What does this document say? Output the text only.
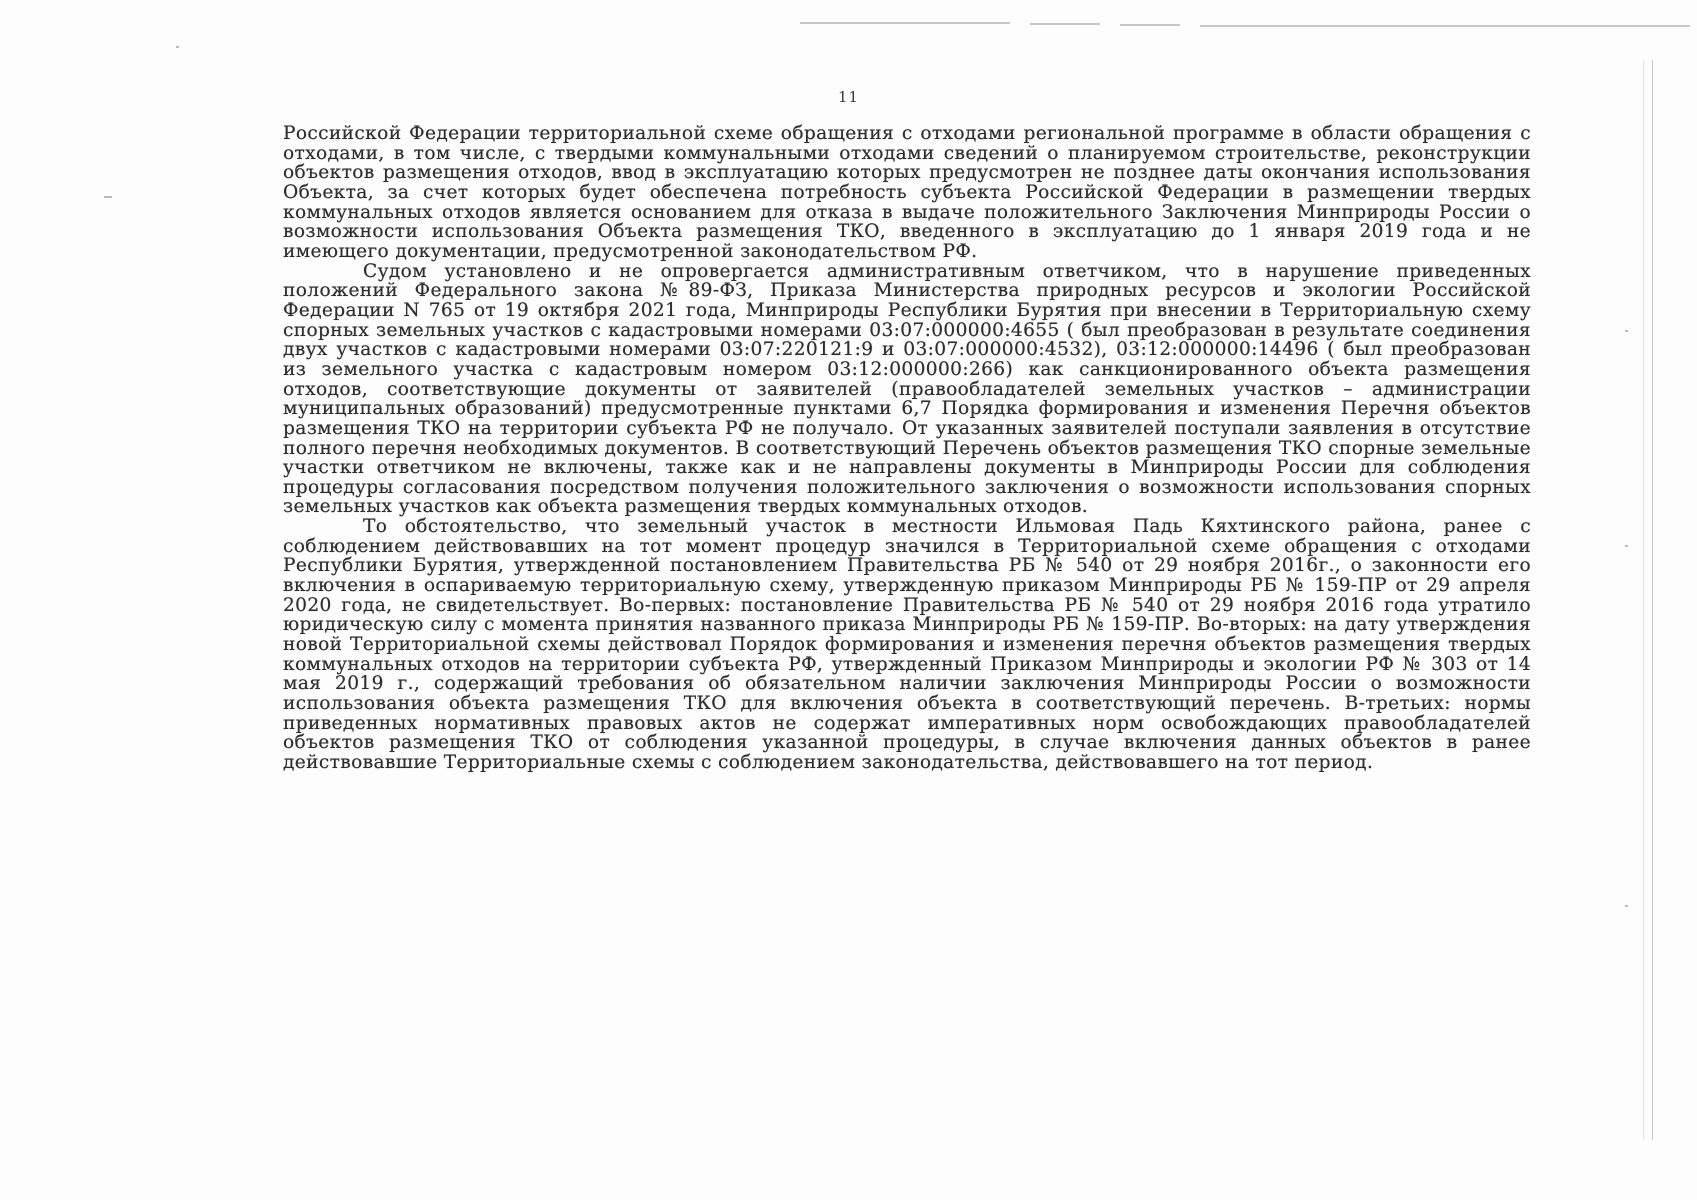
11

Российской Федерации территориальной схеме обращения с отходами региональной программе в области обращения с отходами, в том числе, с твердыми коммунальными отходами сведений о планируемом строительстве, реконструкции объектов размещения отходов, ввод в эксплуатацию которых предусмотрен не позднее даты окончания использования Объекта, за счет которых будет обеспечена потребность субъекта Российской Федерации в размещении твердых коммунальных отходов является основанием для отказа в выдаче положительного Заключения Минприроды России о возможности использования Объекта размещения ТКО, введенного в эксплуатацию до 1 января 2019 года и не имеющего документации, предусмотренной законодательством РФ.

Судом установлено и не опровергается административным ответчиком, что в нарушение приведенных положений Федерального закона №89-ФЗ, Приказа Министерства природных ресурсов и экологии Российской Федерации N 765 от 19 октября 2021 года, Минприроды Республики Бурятия при внесении в Территориальную схему спорных земельных участков с кадастровыми номерами 03:07:000000:4655 ( был преобразован в результате соединения двух участков с кадастровыми номерами 03:07:220121:9 и 03:07:000000:4532), 03:12:000000:14496 ( был преобразован из земельного участка с кадастровым номером 03:12:000000:266) как санкционированного объекта размещения отходов, соответствующие документы от заявителей (правообладателей земельных участков – администрации муниципальных образований) предусмотренные пунктами 6,7 Порядка формирования и изменения Перечня объектов размещения ТКО на территории субъекта РФ не получало. От указанных заявителей поступали заявления в отсутствие полного перечня необходимых документов. В соответствующий Перечень объектов размещения ТКО спорные земельные участки ответчиком не включены, также как и не направлены документы в Минприроды России для соблюдения процедуры согласования посредством получения положительного заключения о возможности использования спорных земельных участков как объекта размещения твердых коммунальных отходов.

То обстоятельство, что земельный участок в местности Ильмовая Падь Кяхтинского района, ранее с соблюдением действовавших на тот момент процедур значился в Территориальной схеме обращения с отходами Республики Бурятия, утвержденной постановлением Правительства РБ № 540 от 29 ноября 2016г., о законности его включения в оспариваемую территориальную схему, утвержденную приказом Минприроды РБ № 159-ПР от 29 апреля 2020 года, не свидетельствует. Во-первых: постановление Правительства РБ № 540 от 29 ноября 2016 года утратило юридическую силу с момента принятия названного приказа Минприроды РБ № 159-ПР. Во-вторых: на дату утверждения новой Территориальной схемы действовал Порядок формирования и изменения перечня объектов размещения твердых коммунальных отходов на территории субъекта РФ, утвержденный Приказом Минприроды и экологии РФ № 303 от 14 мая 2019 г., содержащий требования об обязательном наличии заключения Минприроды России о возможности использования объекта размещения ТКО для включения объекта в соответствующий перечень. В-третьих: нормы приведенных нормативных правовых актов не содержат императивных норм освобождающих правообладателей объектов размещения ТКО от соблюдения указанной процедуры, в случае включения данных объектов в ранее действовавшие Территориальные схемы с соблюдением законодательства, действовавшего на тот период.
